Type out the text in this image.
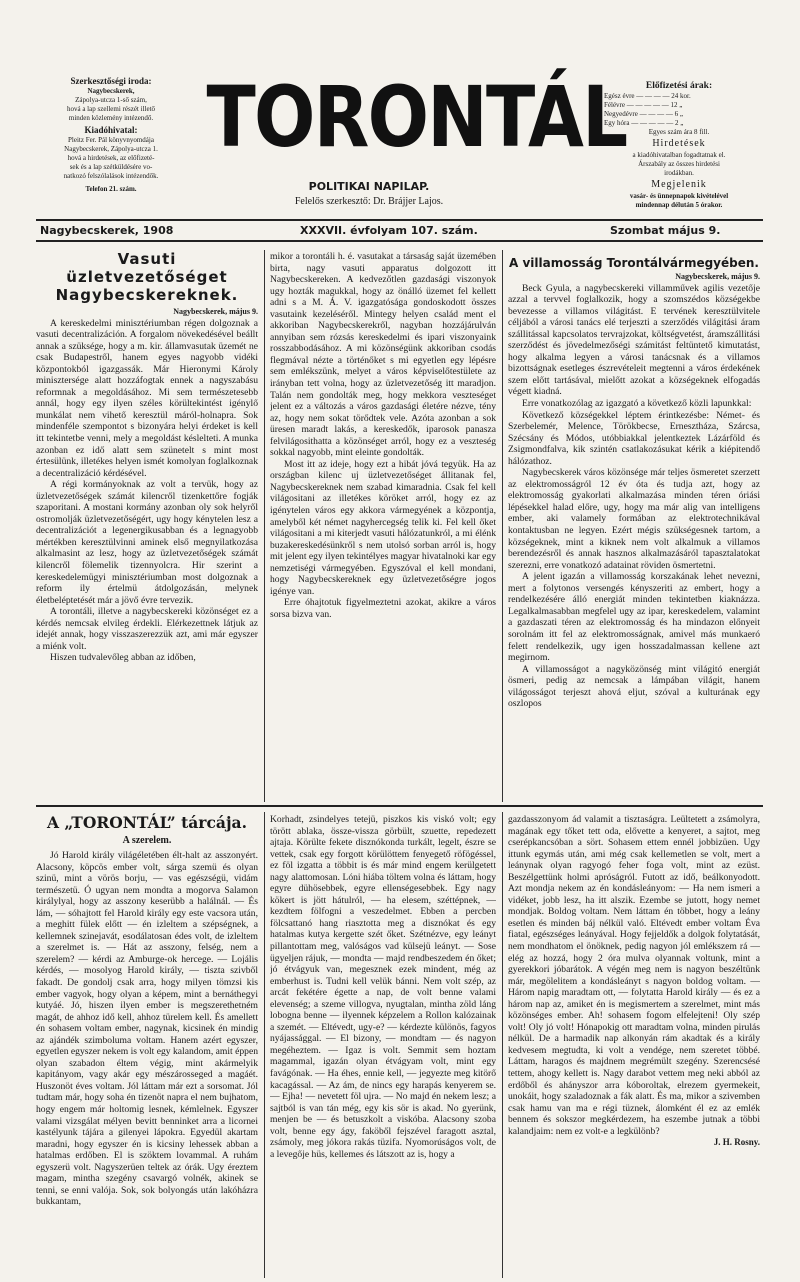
Szerkesztőségi iroda:
Nagybecskerek,
Zápolya-utcza 1-ső szám,
hová a lap szellemi részét illető
minden közlemény intézendő.
Kiadóhivatal:
Pleitz Fer. Pál könyvnyomdája
Nagybecskerek, Zápolya-utcza 1.
hová a hirdetések, az előfizeté-
sek és a lap szétküldésére vo-
natkozó felszólalások intézendők.
Telefon 21. szám.
TORONTÁL
POLITIKAI NAPILAP.
Felelős szerkesztő: Dr. Brájjer Lajos.
Előfizetési árak:
Egész évre — — — — 24 kor.
Félévre — — — — — 12 „
Negyedévre — — — — 6 „
Egy hóra — — — — — 2 „
Egyes szám ára 8 fill.
Hirdetések
a kiadóhivatalban fogadtatnak el.
Árszabály az összes hirdetési
irodákban.
Megjelenik
vasár- és ünnepnapok kivételével
mindennap délután 5 órakor.
Nagybecskerek, 1908	XXXVII. évfolyam 107. szám.	Szombat május 9.
Vasuti üzletvezetőséget
Nagybecskereknek.
Nagybecskerek, május 9.

A kereskedelmi minisztériumban régen dolgoznak a vasuti decentralizáción. A forgalom növekedésével beállt annak a szüksége, hogy a m. kir. államvasutak üzemét ne csak Budapestről, hanem egyes nagyobb vidéki központokból igazgassák. Már Hieronymi Károly minisztersége alatt hozzáfogtak ennek a nagyszabásu reformnak a megoldásához. Mi sem természetesebb annál, hogy egy ilyen széles körültekintést igénylő munkálat nem vihető keresztül máról-holnapra. Sok mindenféle szempontot s bizonyára helyi érdeket is kell itt tekintetbe venni, mely a megoldást késlelteti. A munka azonban ez idő alatt sem szünetelt s mint most értesülünk, illetékes helyen ismét komolyan foglalkoznak a decentralizáció kérdésével.

A régi kormányoknak az volt a tervük, hogy az üzletvezetőségek számát kilencről tizenkettőre fogják szaporitani. A mostani kormány azonban oly sok helyről ostromolják üzletvezetőségért, ugy hogy kénytelen lesz a decentralizációt a legenergikusabban és a legnagyobb mértékben keresztülvinni aminek első megnyilatkozása alkalmasint az lesz, hogy az üzletvezetőségek számát kilencről fölemelik tizennyolcra. Hir szerint a kereskedelemügyi minisztériumban most dolgoznak a reform ily értelmü átdolgozásán, melynek életbeléptetését már a jövő évre tervezik.

A torontáli, illetve a nagybecskereki közönséget ez a kérdés nemcsak elvileg érdekli. Elérkezettnek látjuk az idejét annak, hogy visszaszerezzük azt, ami már egyszer a miénk volt.

Hiszen tudvalevőleg abban az időben,

mikor a torontáli h. é. vasutakat a társaság saját üzemében birta, nagy vasuti apparatus dolgozott itt Nagybecskereken. A kedvezőtlen gazdasági viszonyok ugy hozták magukkal, hogy az önálló üzemet fel kellett adni s a M. Á. V. igazgatósága gondoskodott összes vasutaink kezeléséről. Mintegy helyen család ment el akkoriban Nagybecskerekről, nagyban hozzájárulván annyiban sem rózsás kereskedelmi és ipari viszonyaink rosszabbodásához. A mi közönségünk akkoriban csodás flegmával nézte a történőket s mi egyetlen egy lépésre sem emlékszünk, melyet a város képviselőtestülete az irányban tett volna, hogy az üzletvezetőség itt maradjon. Talán nem gondolták meg, hogy mekkora veszteséget jelent ez a változás a város gazdasági életére nézve, tény az, hogy nem sokat törődtek vele. Azóta azonban a sok üresen maradt lakás, a kereskedők, iparosok panasza felvilágosithatta a közönséget arról, hogy ez a veszteség sokkal nagyobb, mint eleinte gondolták.

Most itt az ideje, hogy ezt a hibát jóvá tegyük. Ha az országban kilenc uj üzletvezetőséget állitanak fel, Nagybecskereknek nem szabad kimaradnia. Csak fel kell világositani az illetékes köröket arról, hogy ez az igénytelen város egy akkora vármegyének a központja, amelyből két német nagyhercegség telik ki. Fel kell őket világositani a mi kiterjedt vasuti hálózatunkról, a mi élénk buzakereskedésünkről s nem utolsó sorban arról is, hogy mit jelent egy ilyen tekintélyes magyar hivatalnoki kar egy nemzetiségi vármegyében. Egyszóval el kell mondani, hogy Nagybecskereknek egy üzletvezetőségre jogos igénye van.

Erre óhajtotuk figyelmeztetni azokat, akikre a város sorsa bizva van.

A villamosság Torontálvármegyében.
Nagybecskerek, május 9.

Beck Gyula, a nagybecskereki villamművek agilis vezetője azzal a tervvel foglalkozik, hogy a szomszédos községekbe bevezesse a villamos világitást. E tervének keresztülvitele céljából a városi tanács elé terjeszti a szerződés világitási áram szállitással kapcsolatos tervrajzokat, költségvetést, áramszállitási szerződést és jövedelmezőségi számitást feltüntető kimutatást, hogy alkalma legyen a városi tanácsnak és a villamos bizottságnak esetleges észrevételeit megtenni a város érdekének szem előtt tartásával, mielőtt azokat a községeknek elfogadás végett kiadná.

Erre vonatkozólag az igazgató a következő közli lapunkkal:

Következő községekkel léptem érintkezésbe: Német- és Szerbelemér, Melence, Törökbecse, Ernesztháza, Szárcsa, Szécsány és Módos, utóbbiakkal jelentkeztek Lázárföld és Zsigmondfalva, kik szintén csatlakozásukat kérik a kiépitendő hálózathoz.

Nagybecskerek város közönsége már teljes ösmeretet szerzett az elektromosságról 12 év óta és tudja azt, hogy az elektromosság gyakorlati alkalmazása minden téren óriási lépésekkel halad előre, ugy, hogy ma már alig van intelligens ember, aki valamely formában az elektrotechnikával kontaktusban ne legyen. Ezért mégis szükségesnek tartom, a községeknek, mint a kiknek nem volt alkalmuk a villamos berendezésről és annak hasznos alkalmazásáról tapasztalatokat szerezni, erre vonatkozó adatainat röviden ösmertetni.

A jelent igazán a villamosság korszakának lehet nevezni, mert a folytonos versengés kényszeriti az embert, hogy a rendelkezésére álló energiát minden tekintetben kiaknázza. Legalkalmasabban megfelel ugy az ipar, kereskedelem, valamint a gazdaszati téren az elektromosság és ha mindazon előnyeit sorolnám itt fel az elektromosságnak, amivel más munkaeró felett rendelkezik, ugy igen hosszadalmassan kellene azt megirnom.

A villamosságot a nagyközönség mint világitó energiát ösmeri, pedig az nemcsak a lámpában világit, hanem világosságot terjeszt ahová eljut, szóval a kulturának egy oszlopos

A „TORONTÁL” tárcája.
A szerelem.

Jó Harold király világéletében élt-halt az asszonyért. Alacsony, köpcös ember volt, sárga szemü és olyan szinü, mint a vörös borju, — vas egészségü, vidám természetü. Ó ugyan nem mondta a mogorva Salamon királylyal, hogy az asszony keserübb a halálnál. — És lám, — sóhajtott fel Harold király egy este vacsora után, a meghitt fülek előtt — én izleltem a szépségnek, a kellemnek szinejavát, esodálatosan édes volt, de izleltem a szerelmet is. — Hát az asszony, felség, nem a szerelem? — kérdi az Amburge-ok hercege. — Lojális kérdés, — mosolyog Harold király, — tiszta szivből fakadt. De gondolj csak arra, hogy milyen tömzsi kis ember vagyok, hogy olyan a képem, mint a bernáthegyi kutyáé. Jó, hiszen ilyen ember is megszerethetném magát, de ahhoz idő kell, ahhoz türelem kell. És amellett én sohasem voltam ember, nagynak, kicsinek én mindig az ajándék szimboluma voltam. Hanem azért egyszer, egyetlen egyszer nekem is volt egy kalandom, amit éppen olyan szabadon éltem végig, mint akármelyik kapitányom, vagy akár egy mészárosseged a magáét. Huszonöt éves voltam. Jól láttam már ezt a sorsomat. Jól tudtam már, hogy soha én tizenöt napra el nem bujhatom, hogy engem már holtomig lesnek, kémlelnek. Egyszer valami vizsgálat mélyen bevitt benninket arra a licornei kastélyunk tájára a gilenyei lápokra. Egyedül akartam maradni, hogy egyszer én is kicsiny lehessek abban a hatalmas erdőben. El is szöktem lovammal. A ruhám egyszerü volt. Nagyszerüen teltek az órák. Ugy éreztem magam, mintha szegény csavargó volnék, akinek se tenni, se enni valója. Sok, sok bolyongás után lakóházra bukkantam,

Korhadt, zsindelyes tetejü, piszkos kis viskó volt; egy törött ablaka, össze-vissza görbült, szuette, repedezett ajtaja. Körülte fekete disznókonda turkált, legelt, észre se vettek, csak egy forgott körülöttem fenyegető röfögéssel, ez föl izgatta a többit is és már mind engem kerülgetett nagy alattomosan. Lóni hiába töltem volna és láttam, hogy egyre dühösebbek, egyre ellenségesebbek. Egy nagy kökert is jött hátulról, — ha elesem, széttépnek, — kezdtem fölfogni a veszedelmet. Ebben a percben fölcsattanó hang riasztotta meg a disznókat és egy hatalmas kutya kergette szét őket. Szétnézve, egy leányt pillantottam meg, valóságos vad külsejü leányt. — Sose ügyeljen rájuk, — mondta — majd rendbeszedem én őket; jó étvágyuk van, megesznek ezek mindent, még az emberhust is. Tudni kell velük bánni. Nem volt szép, az arcát fekétére égette a nap, de volt benne valami elevenség; a szeme villogva, nyugtalan, mintha zöld láng lobogna benne — ilyennek képzelem a Rollon kalózainak a szemét. — Eltévedt, ugy-e? — kérdezte különös, fagyos nyájassággal. — El bizony, — mondtam — és nagyon megéheztem. — Igaz is volt. Semmit sem hoztam magammal, igazán olyan étvágyam volt, mint egy favágónak. — Ha éhes, ennie kell, — jegyezte meg kitörő kacagással. — Az ám, de nincs egy harapás kenyerem se. — Ejha! — nevetett föl ujra. — No majd én nekem lesz; a sajtból is van tán még, egy kis sör is akad. No gyerünk, menjen be — és betuszkolt a viskóba. Alacsony szoba volt, benne egy ágy, faköből fejszével faragott asztal, zsámoly, meg jókora rakás tüzifa. Nyomorúságos volt, de a levegője hüs, kellemes és látszott az is, hogy a

gazdasszonyom ád valamit a tisztaságra. Leültetett a zsámolyra, magának egy tőket tett oda, elővette a kenyeret, a sajtot, meg cserépkancsóban a sört. Sohasem ettem ennél jobbizüen. Ugy ittunk egymás után, ami még csak kellemetlen se volt, mert a leánynak olyan ragyogó feher foga volt, mint az ezüst. Beszélgettünk holmi apróságról. Futott az idő, beálkonyodott. Azt mondja nekem az én kondásleányom: — Ha nem ismeri a vidéket, jobb lesz, ha itt alszik. Ezembe se jutott, hogy nemet mondjak. Boldog voltam. Nem láttam én többet, hogy a leány esetlen és minden báj nélkül való. Eltévedt ember voltam Éva fiatal, egészséges leányával. Hogy fejjeldők a dolgok folytatását, nem mondhatom el önöknek, pedig nagyon jól emlékszem rá — elég az hozzá, hogy 2 óra mulva olyannak voltunk, mint a gyerekkori jóbarátok. A végén meg nem is nagyon beszéltünk már, megölelitem a kondásleányt s nagyon boldog voltam. — Három napig maradtam ott, — folytatta Harold király — és ez a három nap az, amiket én is megismertem a szerelmet, mint más közönséges ember. Ah! sohasem fogom elfelejteni! Oly szép volt! Oly jó volt! Hónapokig ott maradtam volna, minden pirulás nélkül. De a harmadik nap alkonyán rám akadtak és a király kedvesem megtudta, ki volt a vendége, nem szeretet többé. Láttam, haragos és majdnem megrémült szegény. Szerencsésé tettem, ahogy kellett is. Nagy darabot vettem meg neki abból az erdőből és ahányszor arra kóboroltak, elrezem gyermekeit, unokáit, hogy szaladoznak a fák alatt. És ma, mikor a szivemben csak hamu van ma e régi tüznek, álomként él ez az emlék bennem és sokszor megkérdezem, ha eszembe jutnak a többi kalandjaim: nem ez volt-e a legkülönb?

J. H. Rosny.
